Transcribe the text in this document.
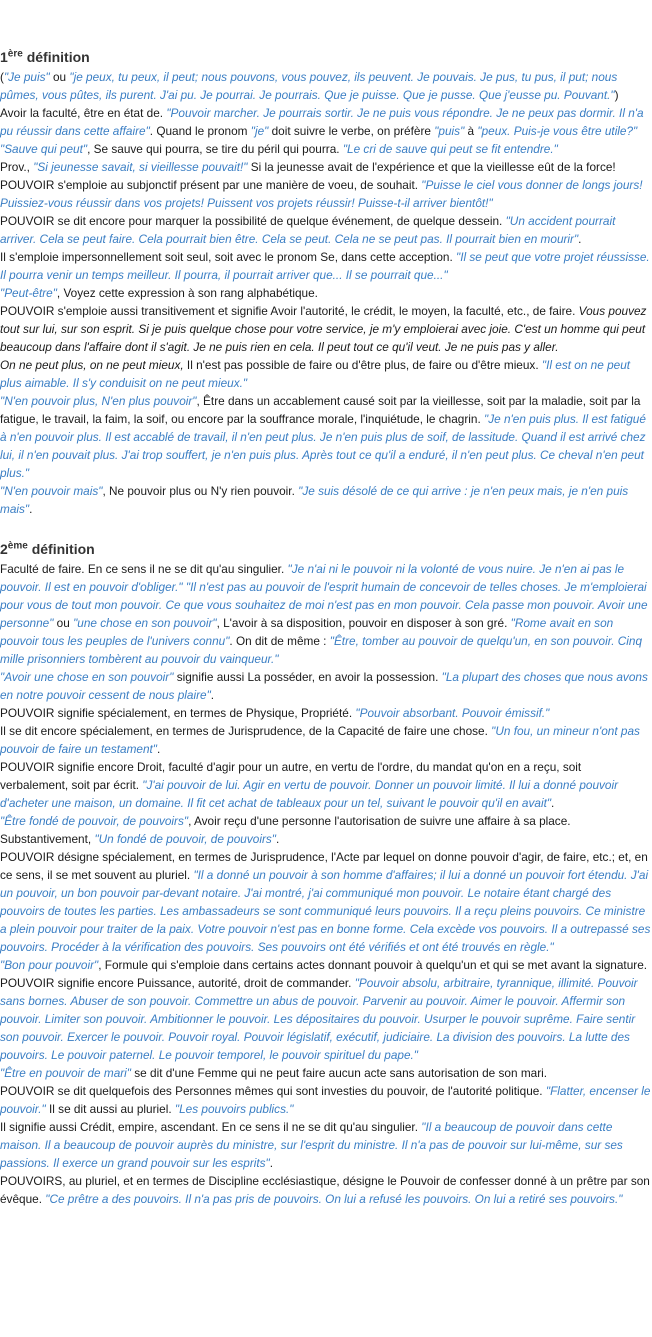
1ère définition

("Je puis" ou "je peux, tu peux, il peut; nous pouvons, vous pouvez, ils peuvent. Je pouvais. Je pus, tu pus, il put; nous pûmes, vous pûtes, ils purent. J'ai pu. Je pourrai. Je pourrais. Que je puisse. Que je pusse. Que j'eusse pu. Pouvant.")

Avoir la faculté, être en état de. "Pouvoir marcher. Je pourrais sortir. Je ne puis vous répondre. Je ne peux pas dormir. Il n'a pu réussir dans cette affaire". Quand le pronom "je" doit suivre le verbe, on préfère "puis" à "peux. Puis-je vous être utile?"

"Sauve qui peut", Se sauve qui pourra, se tire du péril qui pourra. "Le cri de sauve qui peut se fit entendre."

Prov., "Si jeunesse savait, si vieillesse pouvait!" Si la jeunesse avait de l'expérience et que la vieillesse eût de la force!

POUVOIR s'emploie au subjonctif présent par une manière de voeu, de souhait. "Puisse le ciel vous donner de longs jours! Puissiez-vous réussir dans vos projets! Puissent vos projets réussir! Puisse-t-il arriver bientôt!"

POUVOIR se dit encore pour marquer la possibilité de quelque événement, de quelque dessein. "Un accident pourrait arriver. Cela se peut faire. Cela pourrait bien être. Cela se peut. Cela ne se peut pas. Il pourrait bien en mourir".

Il s'emploie impersonnellement soit seul, soit avec le pronom Se, dans cette acception. "Il se peut que votre projet réussisse. Il pourra venir un temps meilleur. Il pourra, il pourrait arriver que... Il se pourrait que..."

"Peut-être", Voyez cette expression à son rang alphabétique.

POUVOIR s'emploie aussi transitivement et signifie Avoir l'autorité, le crédit, le moyen, la faculté, etc., de faire. Vous pouvez tout sur lui, sur son esprit. Si je puis quelque chose pour votre service, je m'y emploierai avec joie. C'est un homme qui peut beaucoup dans l'affaire dont il s'agit. Je ne puis rien en cela. Il peut tout ce qu'il veut. Je ne puis pas y aller.

On ne peut plus, on ne peut mieux, Il n'est pas possible de faire ou d'être plus, de faire ou d'être mieux. "Il est on ne peut plus aimable. Il s'y conduisit on ne peut mieux."

"N'en pouvoir plus, N'en plus pouvoir", Être dans un accablement causé soit par la vieillesse, soit par la maladie, soit par la fatigue, le travail, la faim, la soif, ou encore par la souffrance morale, l'inquiétude, le chagrin. "Je n'en puis plus. Il est fatigué à n'en pouvoir plus. Il est accablé de travail, il n'en peut plus. Je n'en puis plus de soif, de lassitude. Quand il est arrivé chez lui, il n'en pouvait plus. J'ai trop souffert, je n'en puis plus. Après tout ce qu'il a enduré, il n'en peut plus. Ce cheval n'en peut plus."

"N'en pouvoir mais", Ne pouvoir plus ou N'y rien pouvoir. "Je suis désolé de ce qui arrive : je n'en peux mais, je n'en puis mais".

2ème définition

Faculté de faire. En ce sens il ne se dit qu'au singulier. "Je n'ai ni le pouvoir ni la volonté de vous nuire. Je n'en ai pas le pouvoir. Il est en pouvoir d'obliger." "Il n'est pas au pouvoir de l'esprit humain de concevoir de telles choses. Je m'emploierai pour vous de tout mon pouvoir. Ce que vous souhaitez de moi n'est pas en mon pouvoir. Cela passe mon pouvoir. Avoir une personne" ou "une chose en son pouvoir", L'avoir à sa disposition, pouvoir en disposer à son gré. "Rome avait en son pouvoir tous les peuples de l'univers connu". On dit de même : "Être, tomber au pouvoir de quelqu'un, en son pouvoir. Cinq mille prisonniers tombèrent au pouvoir du vainqueur."

"Avoir une chose en son pouvoir" signifie aussi La posséder, en avoir la possession. "La plupart des choses que nous avons en notre pouvoir cessent de nous plaire".

POUVOIR signifie spécialement, en termes de Physique, Propriété. "Pouvoir absorbant. Pouvoir émissif."

Il se dit encore spécialement, en termes de Jurisprudence, de la Capacité de faire une chose. "Un fou, un mineur n'ont pas pouvoir de faire un testament".

POUVOIR signifie encore Droit, faculté d'agir pour un autre, en vertu de l'ordre, du mandat qu'on en a reçu, soit verbalement, soit par écrit. "J'ai pouvoir de lui. Agir en vertu de pouvoir. Donner un pouvoir limité. Il lui a donné pouvoir d'acheter une maison, un domaine. Il fit cet achat de tableaux pour un tel, suivant le pouvoir qu'il en avait".

"Être fondé de pouvoir, de pouvoirs", Avoir reçu d'une personne l'autorisation de suivre une affaire à sa place. Substantivement, "Un fondé de pouvoir, de pouvoirs".

POUVOIR désigne spécialement, en termes de Jurisprudence, l'Acte par lequel on donne pouvoir d'agir, de faire, etc.; et, en ce sens, il se met souvent au pluriel. "Il a donné un pouvoir à son homme d'affaires; il lui a donné un pouvoir fort étendu. J'ai un pouvoir, un bon pouvoir par-devant notaire. J'ai montré, j'ai communiqué mon pouvoir. Le notaire étant chargé des pouvoirs de toutes les parties. Les ambassadeurs se sont communiqué leurs pouvoirs. Il a reçu pleins pouvoirs. Ce ministre a plein pouvoir pour traiter de la paix. Votre pouvoir n'est pas en bonne forme. Cela excède vos pouvoirs. Il a outrepassé ses pouvoirs. Procéder à la vérification des pouvoirs. Ses pouvoirs ont été vérifiés et ont été trouvés en règle."

"Bon pour pouvoir", Formule qui s'emploie dans certains actes donnant pouvoir à quelqu'un et qui se met avant la signature.

POUVOIR signifie encore Puissance, autorité, droit de commander. "Pouvoir absolu, arbitraire, tyrannique, illimité. Pouvoir sans bornes. Abuser de son pouvoir. Commettre un abus de pouvoir. Parvenir au pouvoir. Aimer le pouvoir. Affermir son pouvoir. Limiter son pouvoir. Ambitionner le pouvoir. Les dépositaires du pouvoir. Usurper le pouvoir suprême. Faire sentir son pouvoir. Exercer le pouvoir. Pouvoir royal. Pouvoir législatif, exécutif, judiciaire. La division des pouvoirs. La lutte des pouvoirs. Le pouvoir paternel. Le pouvoir temporel, le pouvoir spirituel du pape."

"Être en pouvoir de mari" se dit d'une Femme qui ne peut faire aucun acte sans autorisation de son mari.

POUVOIR se dit quelquefois des Personnes mêmes qui sont investies du pouvoir, de l'autorité politique. "Flatter, encenser le pouvoir." Il se dit aussi au pluriel. "Les pouvoirs publics."

Il signifie aussi Crédit, empire, ascendant. En ce sens il ne se dit qu'au singulier. "Il a beaucoup de pouvoir dans cette maison. Il a beaucoup de pouvoir auprès du ministre, sur l'esprit du ministre. Il n'a pas de pouvoir sur lui-même, sur ses passions. Il exerce un grand pouvoir sur les esprits".

POUVOIRS, au pluriel, et en termes de Discipline ecclésiastique, désigne le Pouvoir de confesser donné à un prêtre par son évêque. "Ce prêtre a des pouvoirs. Il n'a pas pris de pouvoirs. On lui a refusé les pouvoirs. On lui a retiré ses pouvoirs."
